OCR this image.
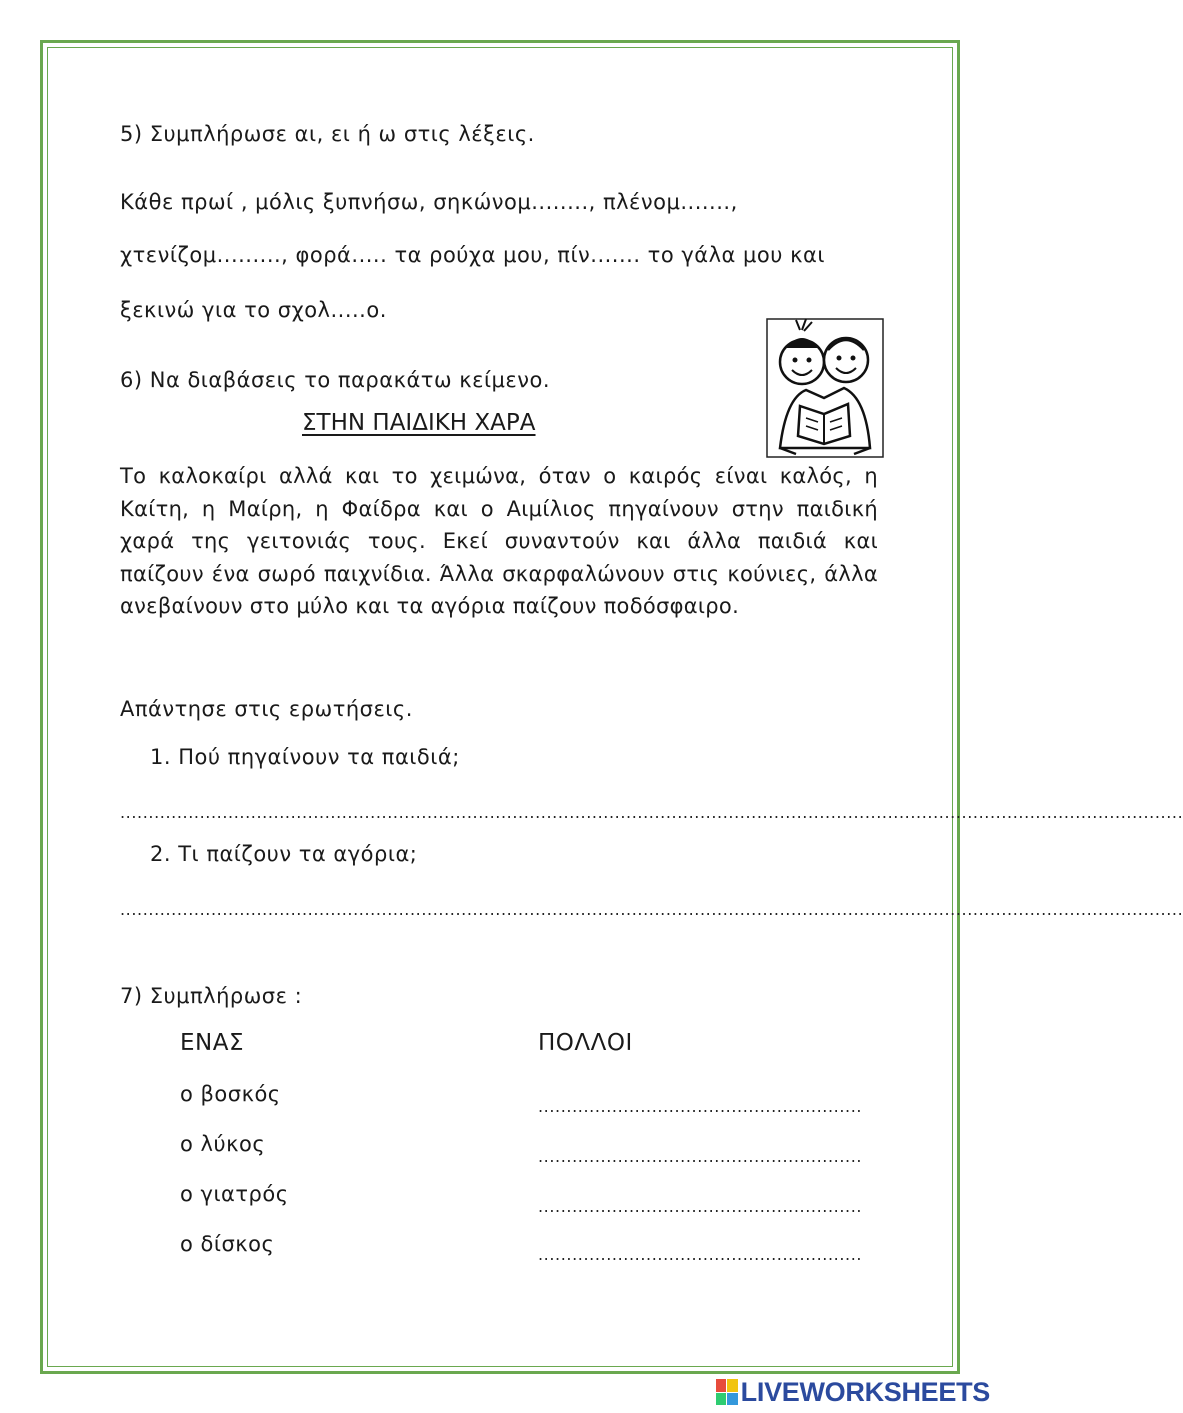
5) Συμπλήρωσε αι, ει ή ω στις λέξεις.
Κάθε πρωί , μόλις ξυπνήσω, σηκώνομ........, πλένομ.......,
χτενίζομ........., φορά..... τα ρούχα μου, πίν....... το γάλα μου και
ξεκινώ για το σχολ.....ο.
6) Να διαβάσεις το παρακάτω κείμενο.
ΣΤΗΝ ΠΑΙΔΙΚΗ ΧΑΡΑ
Το καλοκαίρι αλλά και το χειμώνα, όταν ο καιρός είναι καλός, η Καίτη, η Μαίρη, η Φαίδρα και ο Αιμίλιος πηγαίνουν στην παιδική χαρά της γειτονιάς τους. Εκεί συναντούν και άλλα παιδιά και παίζουν ένα σωρό παιχνίδια. Άλλα σκαρφαλώνουν στις κούνιες, άλλα ανεβαίνουν στο μύλο και τα αγόρια παίζουν ποδόσφαιρο.
Απάντησε στις ερωτήσεις.
1. Πού πηγαίνουν τα παιδιά;
...........................................................................................................................................................................................
2. Τι παίζουν τα αγόρια;
...........................................................................................................................................................................................
7) Συμπλήρωσε :
ΕΝΑΣ	ΠΟΛΛΟΙ
ο βοσκός
.........................................................
ο λύκος
.........................................................
ο γιατρός
.........................................................
ο δίσκος	.........................................................
LIVEWORKSHEETS
